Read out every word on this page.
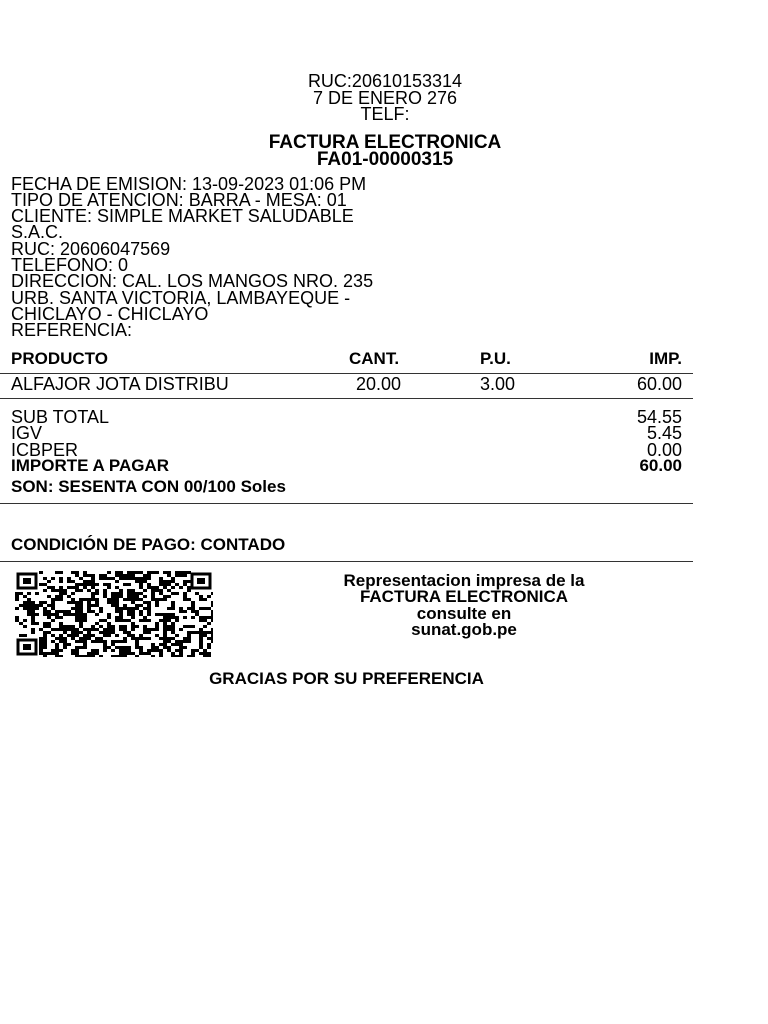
RUC:20610153314
7 DE ENERO 276
TELF:
FACTURA ELECTRONICA
FA01-00000315
FECHA DE EMISION: 13-09-2023 01:06 PM
TIPO DE ATENCION: BARRA - MESA: 01
CLIENTE: SIMPLE MARKET SALUDABLE
S.A.C.
RUC: 20606047569
TELEFONO: 0
DIRECCION: CAL. LOS MANGOS NRO. 235
URB. SANTA VICTORIA, LAMBAYEQUE -
CHICLAYO - CHICLAYO
REFERENCIA:
PRODUCTO	CANT.	P.U.	IMP.
ALFAJOR JOTA DISTRIBU	20.00	3.00	60.00
SUB TOTAL	54.55
IGV	5.45
ICBPER	0.00
IMPORTE A PAGAR	60.00
SON: SESENTA CON 00/100 Soles
CONDICIÓN DE PAGO: CONTADO
Representacion impresa de la
FACTURA ELECTRONICA
consulte en
sunat.gob.pe
GRACIAS POR SU PREFERENCIA
